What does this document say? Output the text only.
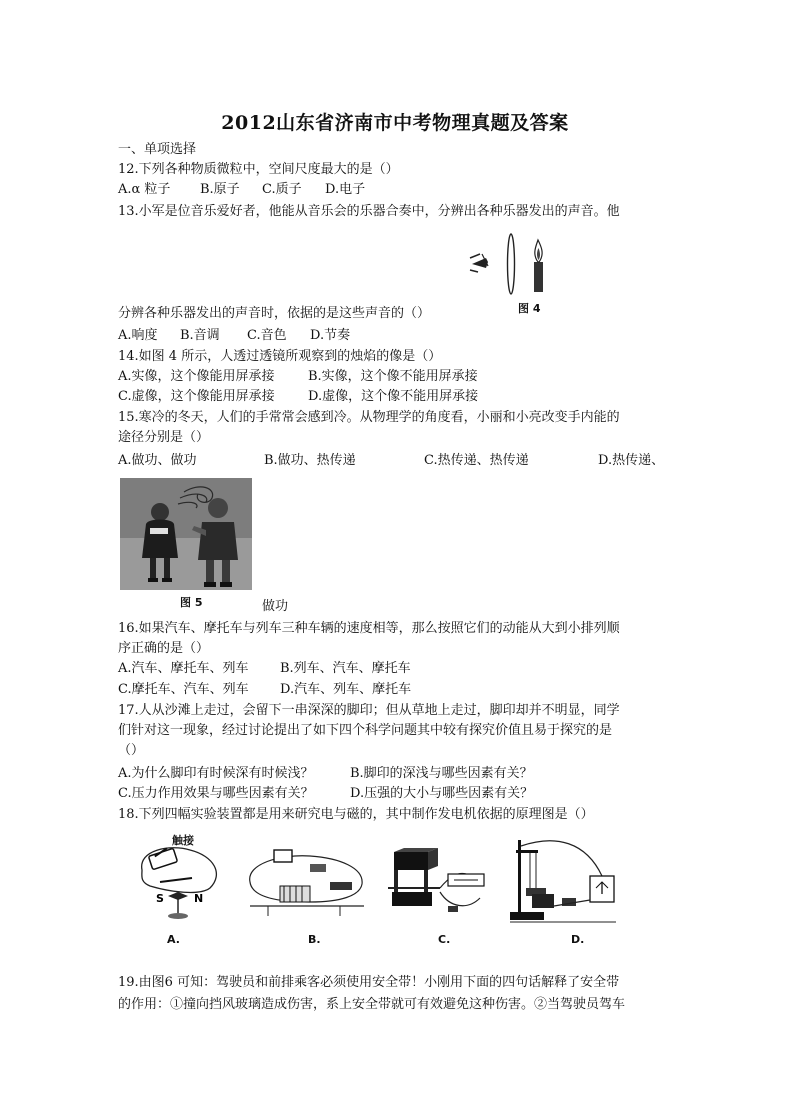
2012山东省济南市中考物理真题及答案
一、单项选择
12.下列各种物质微粒中，空间尺度最大的是（）
A.α 粒子 B.原子 C.质子 D.电子
13.小军是位音乐爱好者，他能从音乐会的乐器合奏中，分辨出各种乐器发出的声音。他
图 4
分辨各种乐器发出的声音时，依据的是这些声音的（）
A.响度 B.音调 C.音色 D.节奏
14.如图 4 所示，人透过透镜所观察到的烛焰的像是（）
A.实像，这个像能用屏承接	B.实像，这个像不能用屏承接
C.虚像，这个像能用屏承接	D.虚像，这个像不能用屏承接
15.寒冷的冬天，人们的手常常会感到冷。从物理学的角度看，小丽和小亮改变手内能的
途径分别是（）
A.做功、做功	B.做功、热传递	C.热传递、热传递	D.热传递、
图 5	做功
16.如果汽车、摩托车与列车三种车辆的速度相等，那么按照它们的动能从大到小排列顺
序正确的是（）
A.汽车、摩托车、列车 B.列车、汽车、摩托车
C.摩托车、汽车、列车 D.汽车、列车、摩托车
17.人从沙滩上走过，会留下一串深深的脚印；但从草地上走过，脚印却并不明显，同学
们针对这一现象，经过讨论提出了如下四个科学问题其中较有探究价值且易于探究的是
（）
A.为什么脚印有时候深有时候浅？	B.脚印的深浅与哪些因素有关？
C.压力作用效果与哪些因素有关？	D.压强的大小与哪些因素有关？
18.下列四幅实验装置都是用来研究电与磁的，其中制作发电机依据的原理图是（）
S	N
触接
A.	B.	C.	D.
19.由图6 可知：驾驶员和前排乘客必须使用安全带！小刚用下面的四句话解释了安全带
的作用：①撞向挡风玻璃造成伤害，系上安全带就可有效避免这种伤害。②当驾驶员驾车
